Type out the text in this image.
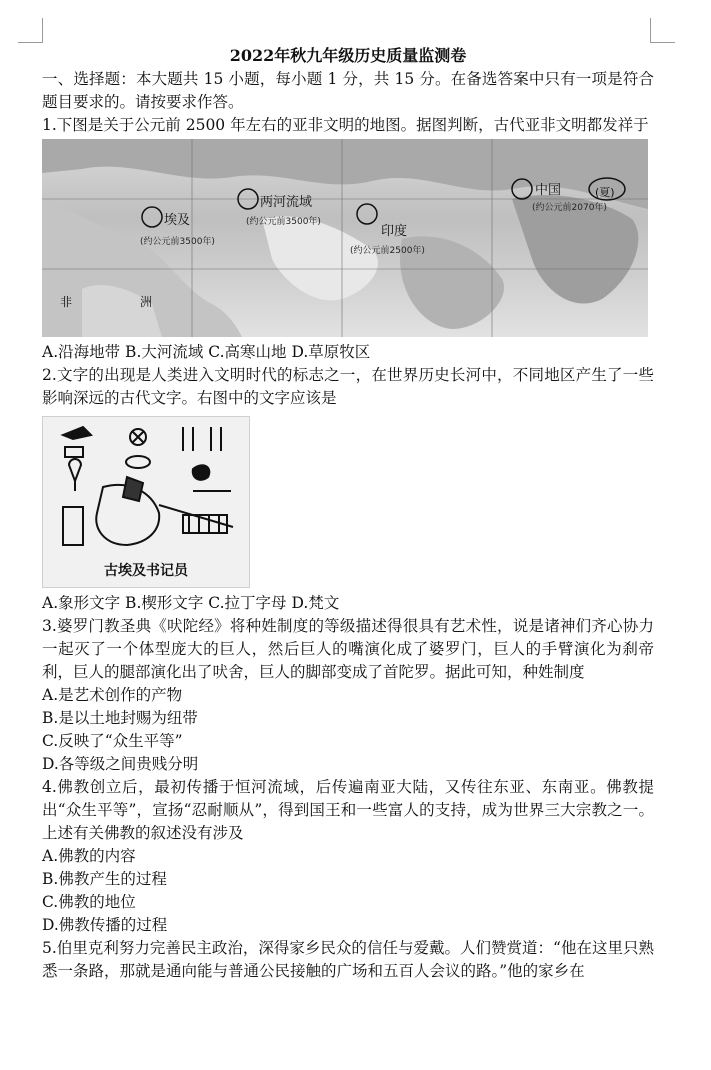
2022年秋九年级历史质量监测卷

一、选择题：本大题共 15 小题，每小题 1 分，共 15 分。在备选答案中只有一项是符合题目要求的。请按要求作答。

1.下图是关于公元前 2500 年左右的亚非文明的地图。据图判断，古代亚非文明都发祥于

埃及
(约公元前3500年)
两河流域
(约公元前3500年)
印度
(约公元前2500年)
中国
(约公元前2070年)
(夏)
非	洲

A.沿海地带 B.大河流域 C.高寒山地 D.草原牧区

2.文字的出现是人类进入文明时代的标志之一，在世界历史长河中，不同地区产生了一些影响深远的古代文字。右图中的文字应该是

古埃及书记员

A.象形文字 B.楔形文字 C.拉丁字母 D.梵文

3.婆罗门教圣典《吠陀经》将种姓制度的等级描述得很具有艺术性，说是诸神们齐心协力一起灭了一个体型庞大的巨人，然后巨人的嘴演化成了婆罗门，巨人的手臂演化为刹帝利，巨人的腿部演化出了吠舍，巨人的脚部变成了首陀罗。据此可知，种姓制度

A.是艺术创作的产物

B.是以土地封赐为纽带

C.反映了“众生平等”

D.各等级之间贵贱分明

4.佛教创立后，最初传播于恒河流域，后传遍南亚大陆，又传往东亚、东南亚。佛教提出“众生平等”，宣扬“忍耐顺从”，得到国王和一些富人的支持，成为世界三大宗教之一。上述有关佛教的叙述没有涉及

A.佛教的内容

B.佛教产生的过程

C.佛教的地位

D.佛教传播的过程

5.伯里克利努力完善民主政治，深得家乡民众的信任与爱戴。人们赞赏道：“他在这里只熟悉一条路，那就是通向能与普通公民接触的广场和五百人会议的路。”他的家乡在
